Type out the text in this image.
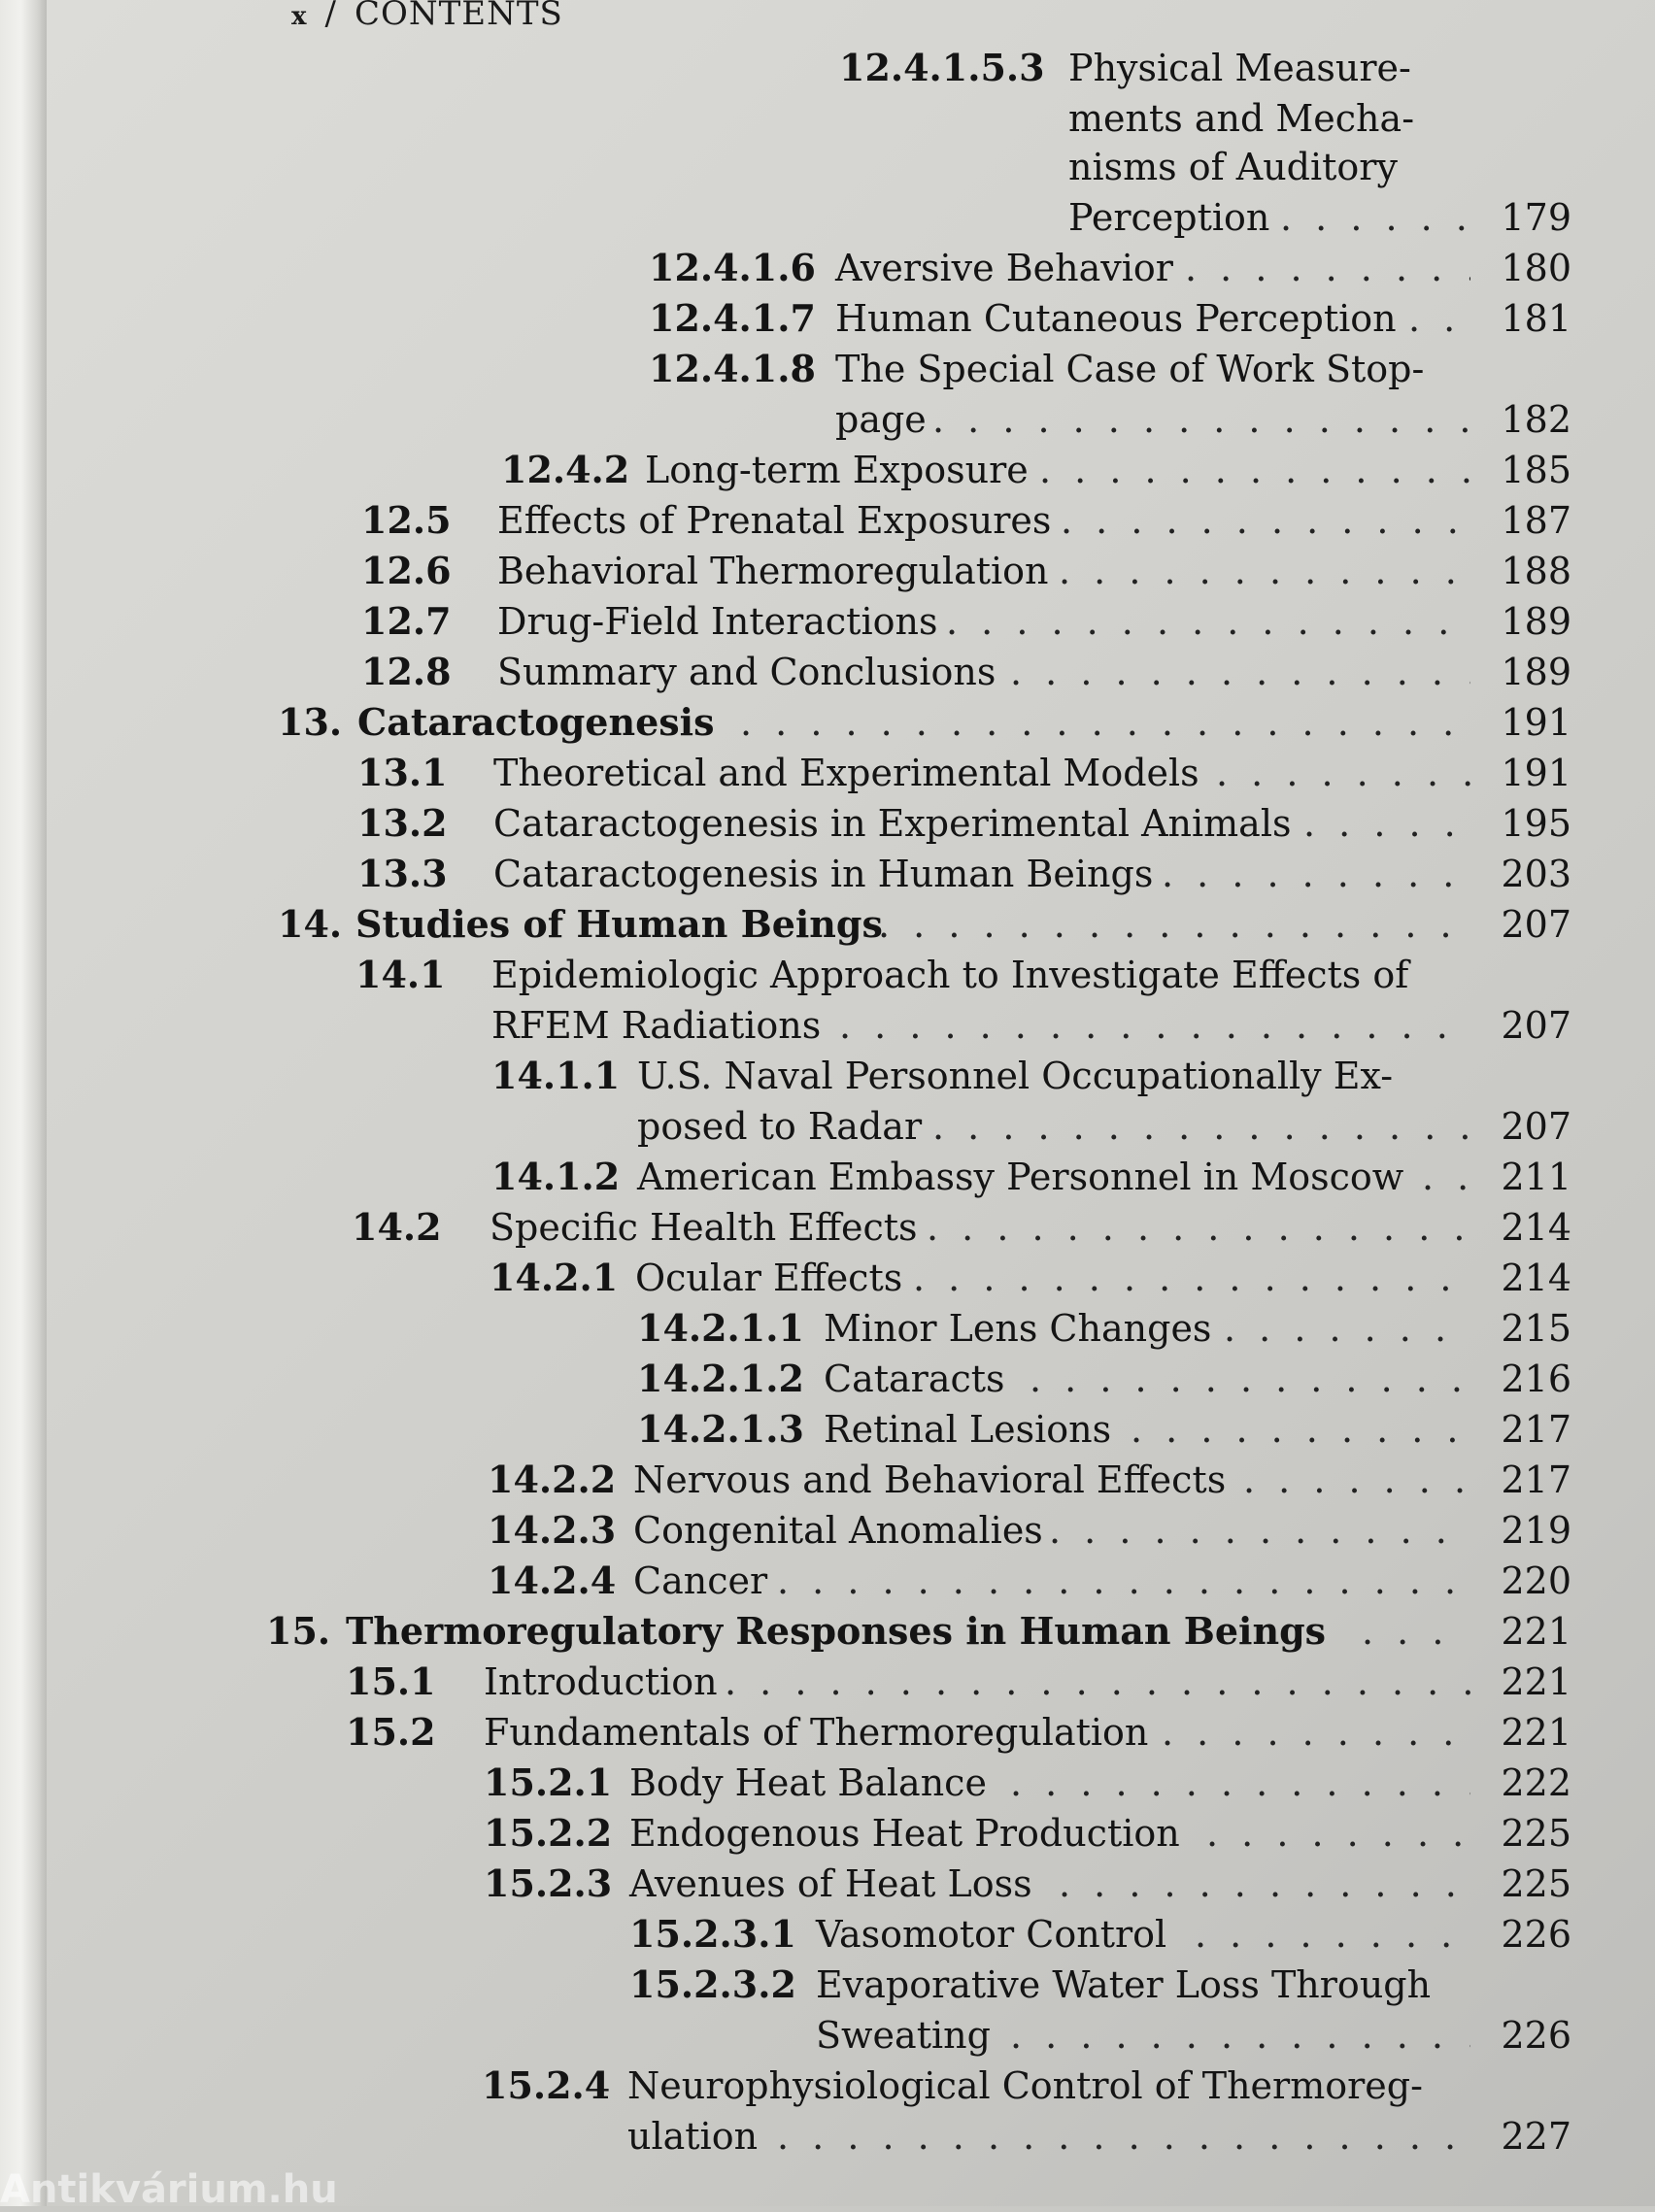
x / CONTENTS
12.4.1.5.3 Physical Measure-
ments and Mecha-
nisms of Auditory
Perception . . .	179
12.4.1.6 Aversive Behavior . . .	180
12.4.1.7 Human Cutaneous Perception . . .	181
12.4.1.8 The Special Case of Work Stop-
page . . .	182
12.4.2 Long-term Exposure . . .	185
12.5 Effects of Prenatal Exposures . . .	187
12.6 Behavioral Thermoregulation . . .	188
12.7 Drug-Field Interactions . . .	189
12.8 Summary and Conclusions . . .	189
13. Cataractogenesis . . .	191
13.1 Theoretical and Experimental Models . . .	191
13.2 Cataractogenesis in Experimental Animals . . .	195
13.3 Cataractogenesis in Human Beings . . .	203
14. Studies of Human Beings . . .	207
14.1 Epidemiologic Approach to Investigate Effects of
RFEM Radiations . . .	207
14.1.1 U.S. Naval Personnel Occupationally Ex-
posed to Radar . . .	207
14.1.2 American Embassy Personnel in Moscow . . .	211
14.2 Specific Health Effects . . .	214
14.2.1 Ocular Effects . . .	214
14.2.1.1 Minor Lens Changes . . .	215
14.2.1.2 Cataracts . . .	216
14.2.1.3 Retinal Lesions . . .	217
14.2.2 Nervous and Behavioral Effects . . .	217
14.2.3 Congenital Anomalies . . .	219
14.2.4 Cancer . . .	220
15. Thermoregulatory Responses in Human Beings . . .	221
15.1 Introduction . . .	221
15.2 Fundamentals of Thermoregulation . . .	221
15.2.1 Body Heat Balance . . .	222
15.2.2 Endogenous Heat Production . . .	225
15.2.3 Avenues of Heat Loss . . .	225
15.2.3.1 Vasomotor Control . . .	226
15.2.3.2 Evaporative Water Loss Through
Sweating . . .	226
15.2.4 Neurophysiological Control of Thermoreg-
ulation . . .	227
Antikvárium.hu
